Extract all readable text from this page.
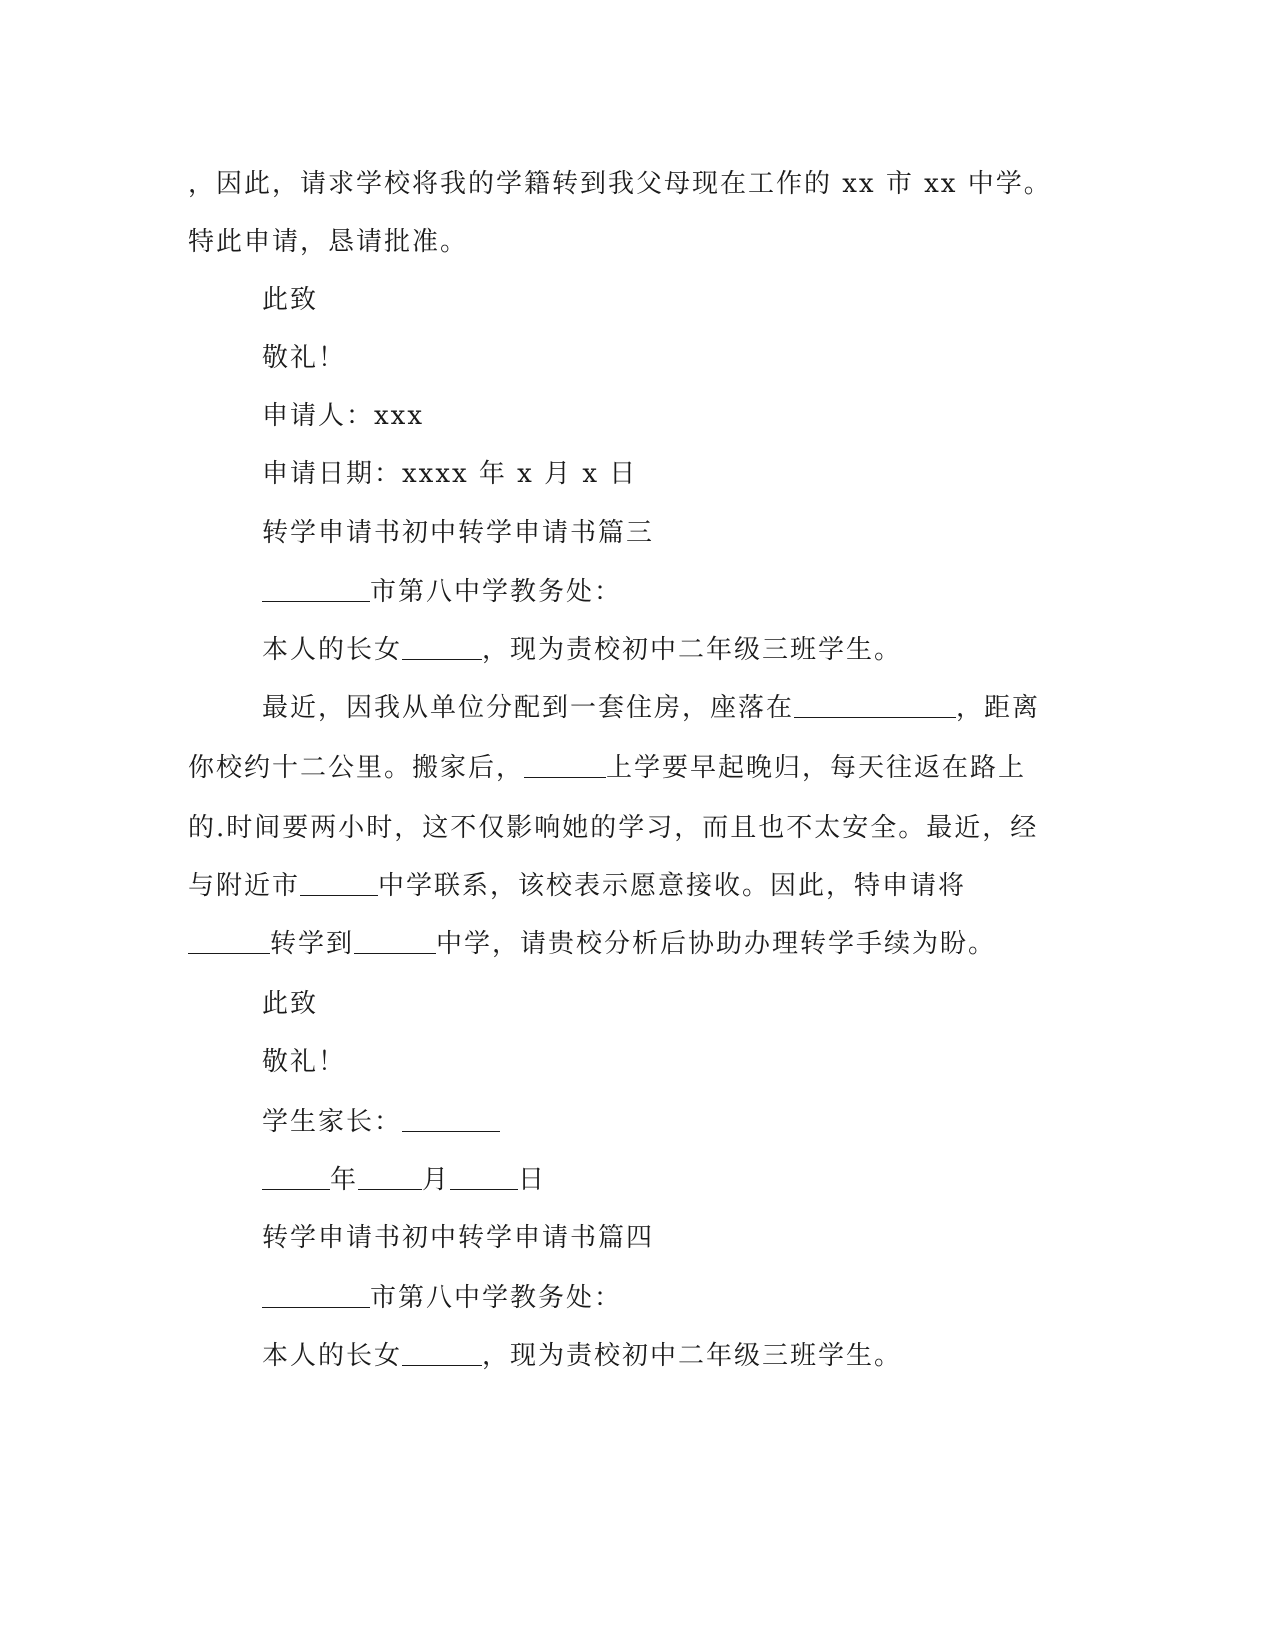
，因此，请求学校将我的学籍转到我父母现在工作的 xx 市 xx 中学。
特此申请，恳请批准。
此致
敬礼！
申请人：xxx
申请日期：xxxx 年 x 月 x 日
转学申请书初中转学申请书篇三
市第八中学教务处：
本人的长女	，现为责校初中二年级三班学生。
最近，因我从单位分配到一套住房，座落在	，距离
你校约十二公里。搬家后，	上学要早起晚归，每天往返在路上
的.时间要两小时，这不仅影响她的学习，而且也不太安全。最近，经
与附近市	中学联系，该校表示愿意接收。因此，特申请将
转学到	中学，请贵校分析后协助办理转学手续为盼。
此致
敬礼！
学生家长：
年 月	日
转学申请书初中转学申请书篇四
市第八中学教务处：
本人的长女	，现为责校初中二年级三班学生。
